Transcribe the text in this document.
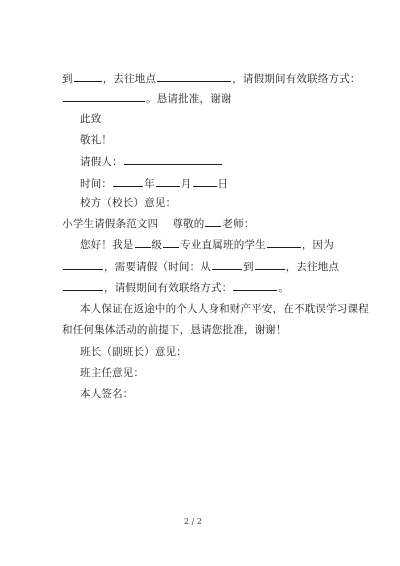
到	，去往地点	，请假期间有效联络方式：
。恳请批准，谢谢
此致
敬礼！
请假人：
时间：	年 月 日
校方（校长）意见：
小学生请假条范文四 尊敬的 老师：
您好！我是 级 专业直属班的学生	，因为
，需要请假（时间：从	到	，去往地点
，请假期间有效联络方式：	。
本人保证在返途中的个人人身和财产平安，在不耽误学习课程
和任何集体活动的前提下，恳请您批准，谢谢！
班长（副班长）意见：
班主任意见：
本人签名：
2 / 2
